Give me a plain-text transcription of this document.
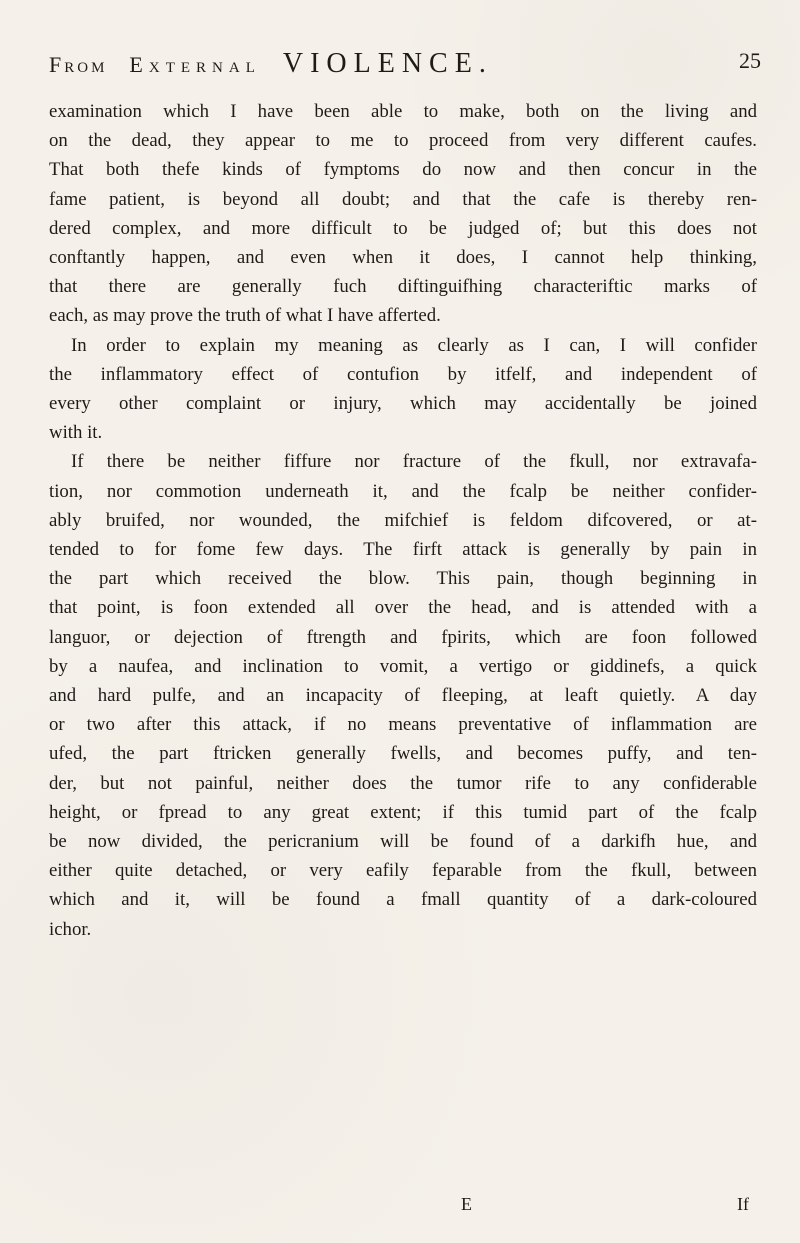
From External VIOLENCE.	25
examination which I have been able to make, both on the living and
on the dead, they appear to me to proceed from very different caufes.
That both thefe kinds of fymptoms do now and then concur in the
fame patient, is beyond all doubt; and that the cafe is thereby ren-
dered complex, and more difficult to be judged of; but this does not
conftantly happen, and even when it does, I cannot help thinking,
that there are generally fuch diftinguifhing characteriftic marks of
each, as may prove the truth of what I have afferted.
In order to explain my meaning as clearly as I can, I will confider
the inflammatory effect of contufion by itfelf, and independent of
every other complaint or injury, which may accidentally be joined
with it.
If there be neither fiffure nor fracture of the fkull, nor extravafa-
tion, nor commotion underneath it, and the fcalp be neither confider-
ably bruifed, nor wounded, the mifchief is feldom difcovered, or at-
tended to for fome few days. The firft attack is generally by pain in
the part which received the blow. This pain, though beginning in
that point, is foon extended all over the head, and is attended with a
languor, or dejection of ftrength and fpirits, which are foon followed
by a naufea, and inclination to vomit, a vertigo or giddinefs, a quick
and hard pulfe, and an incapacity of fleeping, at leaft quietly. A day
or two after this attack, if no means preventative of inflammation are
ufed, the part ftricken generally fwells, and becomes puffy, and ten-
der, but not painful, neither does the tumor rife to any confiderable
height, or fpread to any great extent; if this tumid part of the fcalp
be now divided, the pericranium will be found of a darkifh hue, and
either quite detached, or very eafily feparable from the fkull, between
which and it, will be found a fmall quantity of a dark-coloured
ichor.
E	If
